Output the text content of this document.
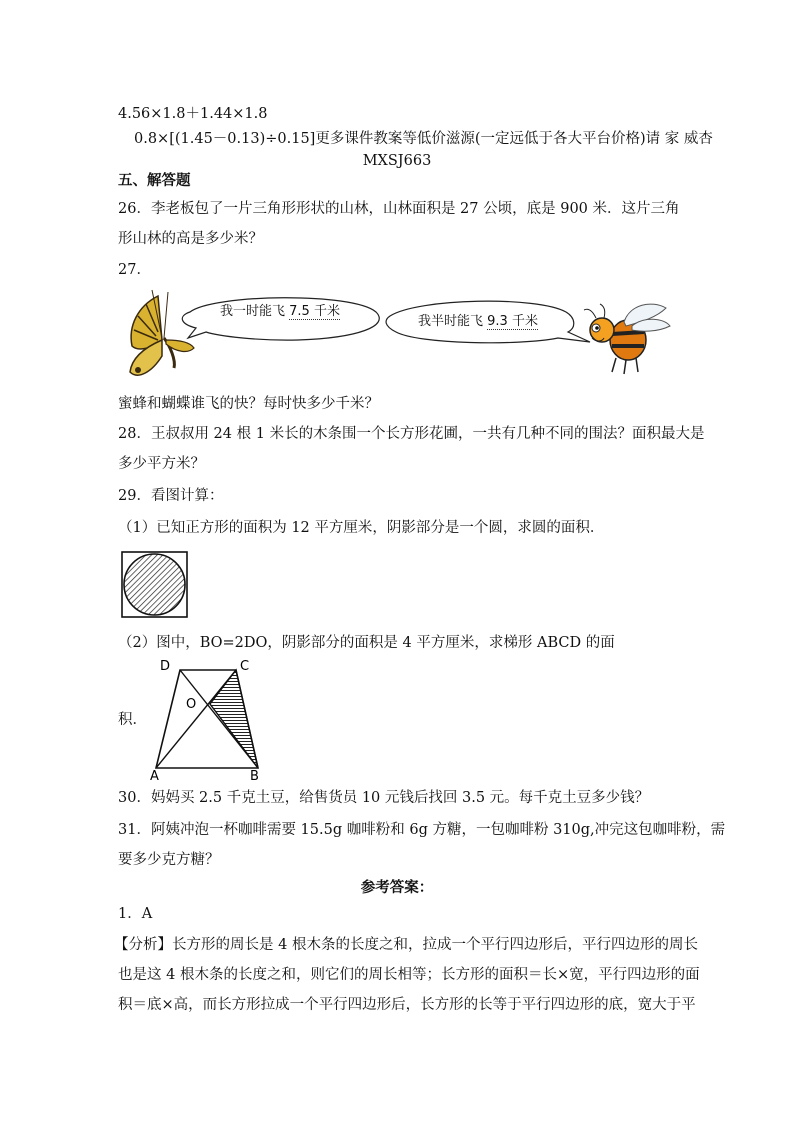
4.56×1.8＋1.44×1.8
0.8×[(1.45－0.13)÷0.15]更多课件教案等低价滋源(一定远低于各大平台价格)请 家 威杏
MXSJ663
五、解答题
26．李老板包了一片三角形形状的山林，山林面积是 27 公顷，底是 900 米．这片三角
形山林的高是多少米？
27．
我一时能飞 7.5 千米
我半时能飞 9.3 千米
蜜蜂和蝴蝶谁飞的快？每时快多少千米？
28．王叔叔用 24 根 1 米长的木条围一个长方形花圃，一共有几种不同的围法？面积最大是
多少平方米？
29．看图计算：
（1）已知正方形的面积为 12 平方厘米，阴影部分是一个圆，求圆的面积．
（2）图中，BO=2DO，阴影部分的面积是 4 平方厘米，求梯形 ABCD 的面
D	C
O
A	B
积．
30．妈妈买 2.5 千克土豆，给售货员 10 元钱后找回 3.5 元。每千克土豆多少钱？
31．阿姨冲泡一杯咖啡需要 15.5g 咖啡粉和 6g 方糖，一包咖啡粉 310g,冲完这包咖啡粉，需
要多少克方糖？
参考答案：
1．A
【分析】长方形的周长是 4 根木条的长度之和，拉成一个平行四边形后，平行四边形的周长
也是这 4 根木条的长度之和，则它们的周长相等；长方形的面积＝长×宽，平行四边形的面
积＝底×高，而长方形拉成一个平行四边形后，长方形的长等于平行四边形的底，宽大于平
